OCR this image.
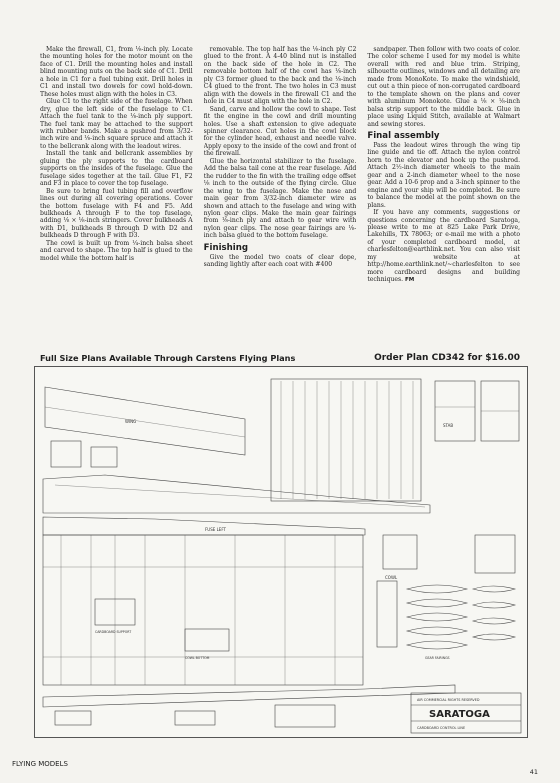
Make the firewall, C1, from ⅛-inch ply. Locate the mounting holes for the motor mount on the face of C1. Drill the mounting holes and install blind mounting nuts on the back side of C1. Drill a hole in C1 for a fuel tubing exit. Drill holes in C1 and install two dowels for cowl hold-down. These holes must align with the holes in C3.

Glue C1 to the right side of the fuselage. When dry, glue the left side of the fuselage to C1. Attach the fuel tank to the ⅛-inch ply support. The fuel tank may be attached to the support with rubber bands. Make a pushrod from 3/32-inch wire and ⅛-inch square spruce and attach it to the bellcrank along with the leadout wires.

Install the tank and bellcrank assemblies by gluing the ply supports to the cardboard supports on the insides of the fuselage. Glue the fuselage sides together at the tail. Glue F1, F2 and F3 in place to cover the top fuselage.

Be sure to bring fuel tubing fill and overflow lines out during all covering operations. Cover the bottom fuselage with F4 and F5. Add bulkheads A through F to the top fuselage, adding ⅛ × ⅛-inch stringers. Cover bulkheads A with D1, bulkheads B through D with D2 and bulkheads D through F with D3.

The cowl is built up from ¼-inch balsa sheet and carved to shape. The top half is glued to the model while the bottom half is

removable. The top half has the ⅛-inch ply C2 glued to the front. A 4-40 blind nut is installed on the back side of the hole in C2. The removable bottom half of the cowl has ⅛-inch ply C3 former glued to the back and the ⅛-inch C4 glued to the front. The two holes in C3 must align with the dowels in the firewall C1 and the hole in C4 must align with the hole in C2.

Sand, carve and hollow the cowl to shape. Test fit the engine in the cowl and drill mounting holes. Use a shaft extension to give adequate spinner clearance. Cut holes in the cowl block for the cylinder head, exhaust and needle valve. Apply epoxy to the inside of the cowl and front of the firewall.

Glue the horizontal stabilizer to the fuselage. Add the balsa tail cone at the rear fuselage. Add the rudder to the fin with the trailing edge offset ⅛ inch to the outside of the flying circle. Glue the wing to the fuselage. Make the nose and main gear from 3/32-inch diameter wire as shown and attach to the fuselage and wing with nylon gear clips. Make the main gear fairings from ⅛-inch ply and attach to gear wire with nylon gear clips. The nose gear fairings are ⅛-inch balsa glued to the bottom fuselage.

Finishing

Give the model two coats of clear dope, sanding lightly after each coat with #400

sandpaper. Then follow with two coats of color. The color scheme I used for my model is white overall with red and blue trim. Striping, silhouette outlines, windows and all detailing are made from MonoKote. To make the windshield, cut out a thin piece of non-corrugated cardboard to the template shown on the plans and cover with aluminum Monokote. Glue a ⅛ × ⅛-inch balsa strip support to the middle back. Glue in place using Liquid Stitch, available at Walmart and sewing stores.

Final assembly

Pass the leadout wires through the wing tip line guide and tie off. Attach the nylon control horn to the elevator and hook up the pushrod. Attach 2½-inch diameter wheels to the main gear and a 2-inch diameter wheel to the nose gear. Add a 10-6 prop and a 3-inch spinner to the engine and your ship will be completed. Be sure to balance the model at the point shown on the plans.

If you have any comments, suggestions or questions concerning the cardboard Saratoga, please write to me at 825 Lake Park Drive, Lakehills, TX 78063; or e-mail me with a photo of your completed cardboard model, at charlesfelton@earthlink.net. You can also visit my website at http://home.earthlink.net/~charlesfelton to see more cardboard designs and building techniques. FM

Full Size Plans Available Through Carstens Flying Plans	Order Plan CD342 for $16.00
FUSE LEFT
WING
STAB
COWL
CARDBOARD SUPPORT
COWL BOTTOM	GEAR FAIRINGS
AIR COMMERCIAL RIGHTS RESERVED
SARATOGA
CARDBOARD CONTROL LINE
FLYING MODELS
41
